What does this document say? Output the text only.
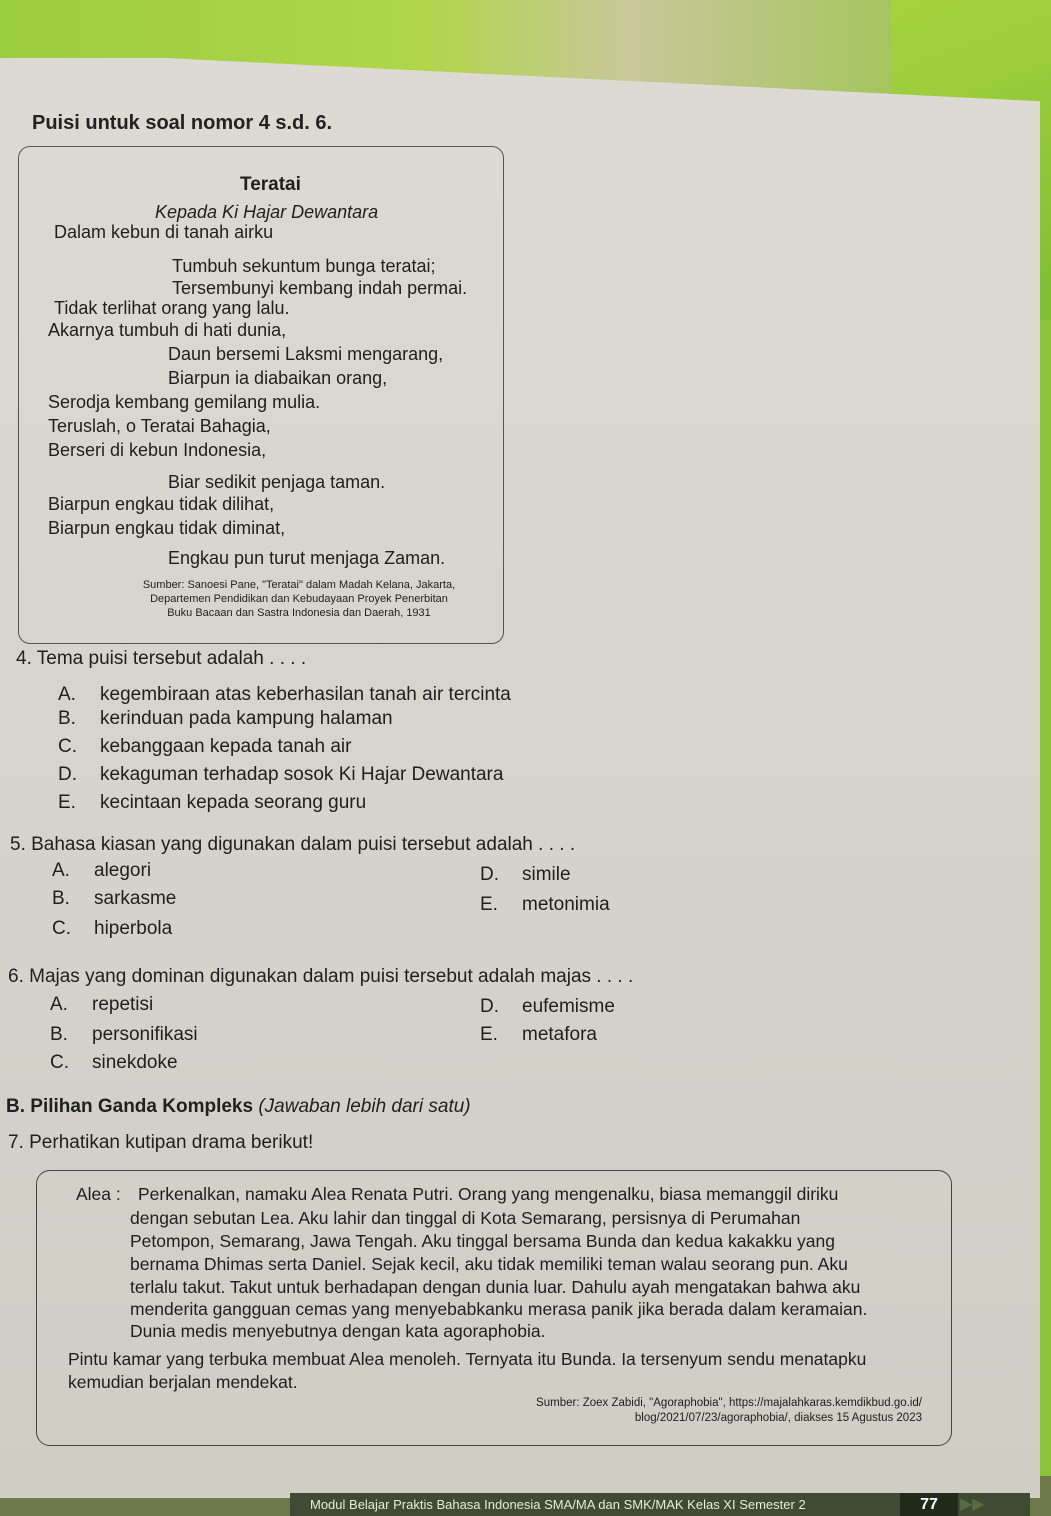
Puisi untuk soal nomor 4 s.d. 6.
Teratai
Kepada Ki Hajar Dewantara
Dalam kebun di tanah airku
Tumbuh sekuntum bunga teratai;
Tersembunyi kembang indah permai.
Tidak terlihat orang yang lalu.
Akarnya tumbuh di hati dunia,
Daun bersemi Laksmi mengarang,
Biarpun ia diabaikan orang,
Serodja kembang gemilang mulia.
Teruslah, o Teratai Bahagia,
Berseri di kebun Indonesia,
Biar sedikit penjaga taman.
Biarpun engkau tidak dilihat,
Biarpun engkau tidak diminat,
Engkau pun turut menjaga Zaman.
Sumber: Sanoesi Pane, "Teratai" dalam Madah Kelana, Jakarta,
Departemen Pendidikan dan Kebudayaan Proyek Penerbitan
Buku Bacaan dan Sastra Indonesia dan Daerah, 1931
4. Tema puisi tersebut adalah . . . .
A. kegembiraan atas keberhasilan tanah air tercinta
B. kerinduan pada kampung halaman
C. kebanggaan kepada tanah air
D. kekaguman terhadap sosok Ki Hajar Dewantara
E. kecintaan kepada seorang guru
5. Bahasa kiasan yang digunakan dalam puisi tersebut adalah . . . .
A. alegori
B. sarkasme
C. hiperbola
D. simile
E. metonimia
6. Majas yang dominan digunakan dalam puisi tersebut adalah majas . . . .
A. repetisi
B. personifikasi
C. sinekdoke
D. eufemisme
E. metafora
B. Pilihan Ganda Kompleks (Jawaban lebih dari satu)
7. Perhatikan kutipan drama berikut!
Alea : Perkenalkan, namaku Alea Renata Putri. Orang yang mengenalku, biasa memanggil diriku
dengan sebutan Lea. Aku lahir dan tinggal di Kota Semarang, persisnya di Perumahan
Petompon, Semarang, Jawa Tengah. Aku tinggal bersama Bunda dan kedua kakakku yang
bernama Dhimas serta Daniel. Sejak kecil, aku tidak memiliki teman walau seorang pun. Aku
terlalu takut. Takut untuk berhadapan dengan dunia luar. Dahulu ayah mengatakan bahwa aku
menderita gangguan cemas yang menyebabkanku merasa panik jika berada dalam keramaian.
Dunia medis menyebutnya dengan kata agoraphobia.
Pintu kamar yang terbuka membuat Alea menoleh. Ternyata itu Bunda. Ia tersenyum sendu menatapku
kemudian berjalan mendekat.
Sumber: Zoex Zabidi, "Agoraphobia", https://majalahkaras.kemdikbud.go.id/
blog/2021/07/23/agoraphobia/, diakses 15 Agustus 2023
Modul Belajar Praktis Bahasa Indonesia SMA/MA dan SMK/MAK Kelas XI Semester 2	77	▶▶
